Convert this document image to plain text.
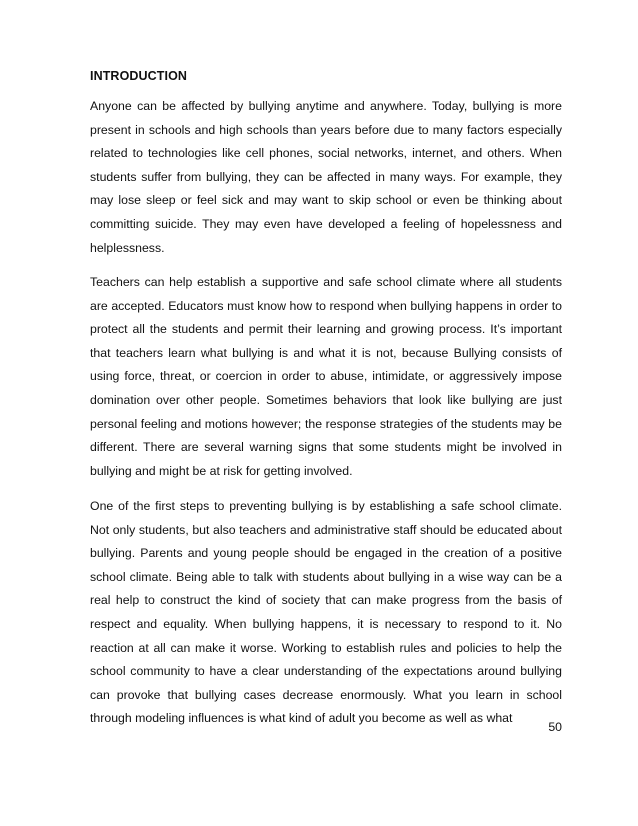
INTRODUCTION

Anyone can be affected by bullying anytime and anywhere. Today, bullying is more present in schools and high schools than years before due to many factors especially related to technologies like cell phones, social networks, internet, and others. When students suffer from bullying, they can be affected in many ways. For example, they may lose sleep or feel sick and may want to skip school or even be thinking about committing suicide. They may even have developed a feeling of hopelessness and helplessness.

Teachers can help establish a supportive and safe school climate where all students are accepted. Educators must know how to respond when bullying happens in order to protect all the students and permit their learning and growing process. It’s important that teachers learn what bullying is and what it is not, because Bullying consists of using force, threat, or coercion in order to abuse, intimidate, or aggressively impose domination over other people. Sometimes behaviors that look like bullying are just personal feeling and motions however; the response strategies of the students may be different. There are several warning signs that some students might be involved in bullying and might be at risk for getting involved.

One of the first steps to preventing bullying is by establishing a safe school climate. Not only students, but also teachers and administrative staff should be educated about bullying. Parents and young people should be engaged in the creation of a positive school climate. Being able to talk with students about bullying in a wise way can be a real help to construct the kind of society that can make progress from the basis of respect and equality. When bullying happens, it is necessary to respond to it. No reaction at all can make it worse. Working to establish rules and policies to help the school community to have a clear understanding of the expectations around bullying can provoke that bullying cases decrease enormously. What you learn in school through modeling influences is what kind of adult you become as well as what

50
